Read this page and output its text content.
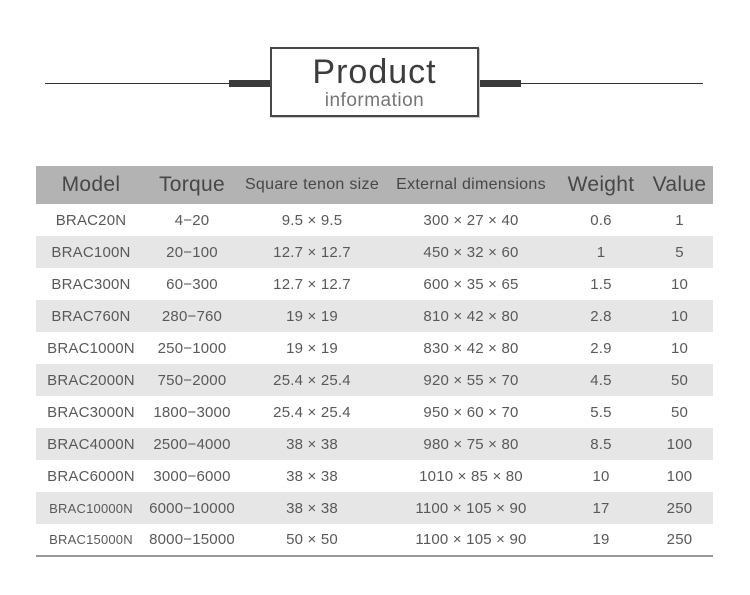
Product
information
Model	Torque	Square tenon size	External dimensions	Weight	Value
BRAC20N	4−20	9.5 × 9.5	300 × 27 × 40	0.6	1
BRAC100N	20−100	12.7 × 12.7	450 × 32 × 60	1	5
BRAC300N	60−300	12.7 × 12.7	600 × 35 × 65	1.5	10
BRAC760N	280−760	19 × 19	810 × 42 × 80	2.8	10
BRAC1000N	250−1000	19 × 19	830 × 42 × 80	2.9	10
BRAC2000N	750−2000	25.4 × 25.4	920 × 55 × 70	4.5	50
BRAC3000N	1800−3000	25.4 × 25.4	950 × 60 × 70	5.5	50
BRAC4000N	2500−4000	38 × 38	980 × 75 × 80	8.5	100
BRAC6000N	3000−6000	38 × 38	1010 × 85 × 80	10	100
BRAC10000N	6000−10000	38 × 38	1100 × 105 × 90	17	250
BRAC15000N	8000−15000	50 × 50	1100 × 105 × 90	19	250
